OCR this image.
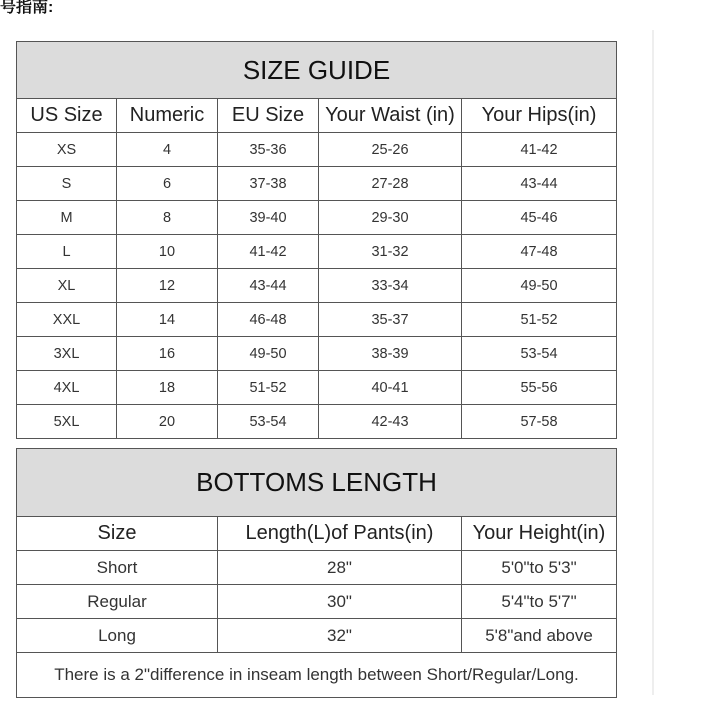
号指南:
SIZE GUIDE				
US Size	Numeric	EU Size	Your Waist (in)	Your Hips(in)
XS	4	35-36	25-26	41-42
S	6	37-38	27-28	43-44
M	8	39-40	29-30	45-46
L	10	41-42	31-32	47-48
XL	12	43-44	33-34	49-50
XXL	14	46-48	35-37	51-52
3XL	16	49-50	38-39	53-54
4XL	18	51-52	40-41	55-56
5XL	20	53-54	42-43	57-58
BOTTOMS LENGTH		
Size	Length(L)of Pants(in)	Your Height(in)
Short	28"	5'0"to 5'3"
Regular	30"	5'4"to 5'7"
Long	32"	5'8"and above
There is a 2"difference in inseam length between Short/Regular/Long.		
